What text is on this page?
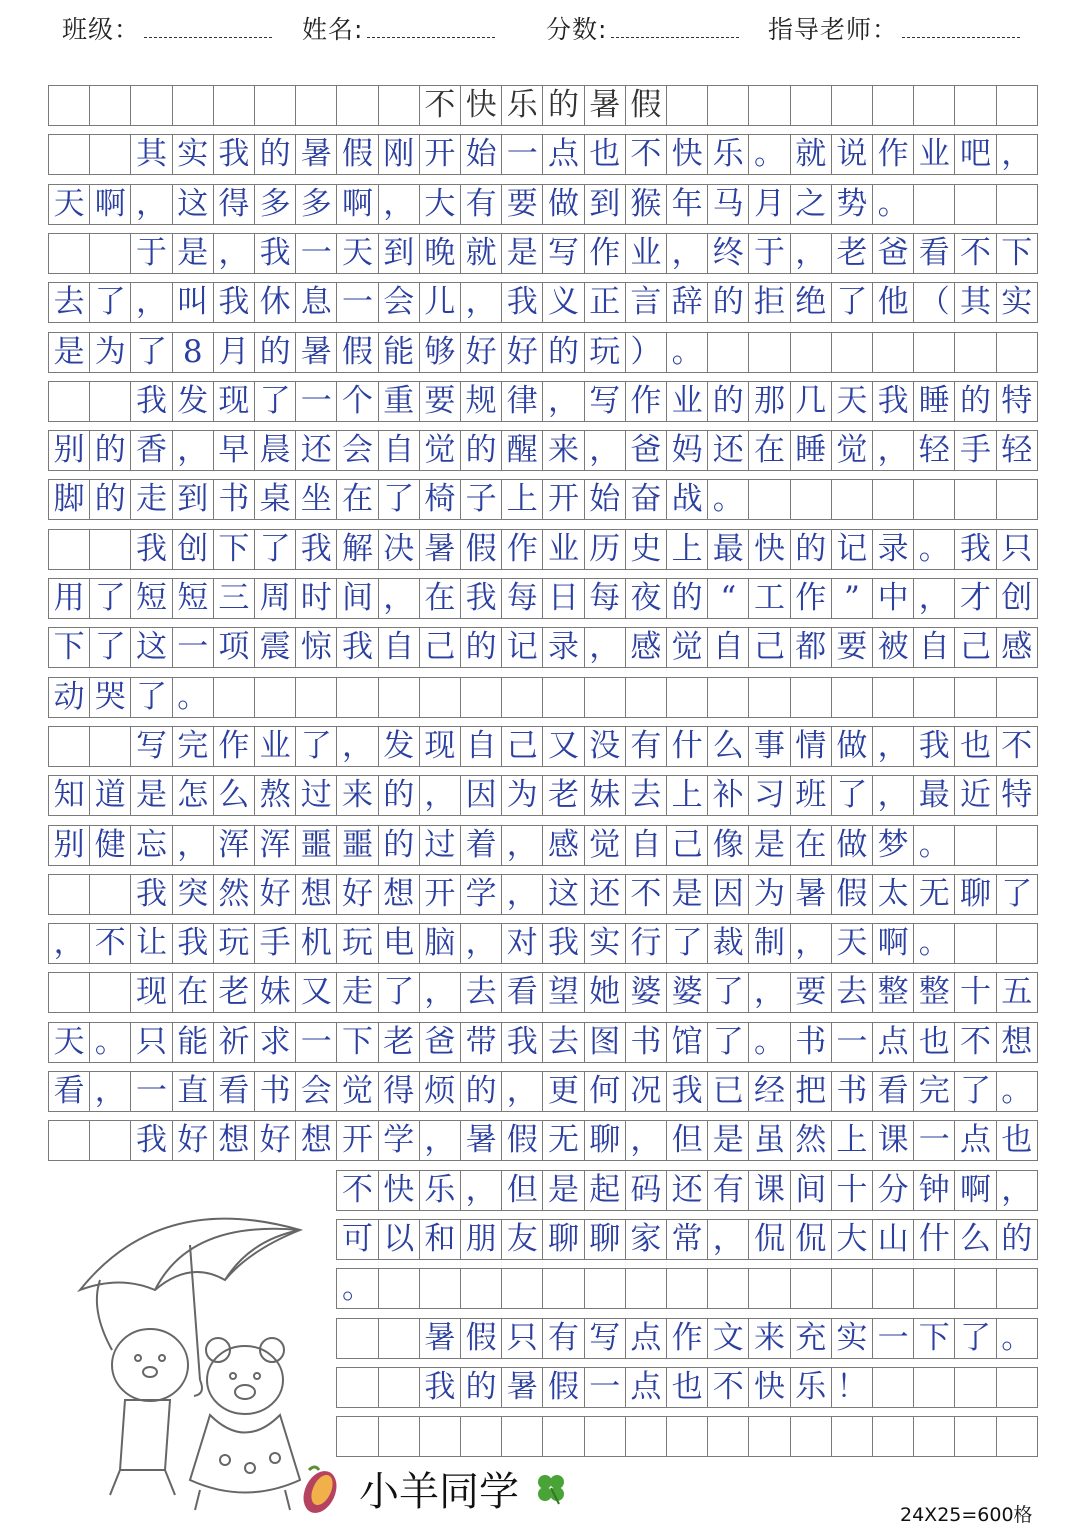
班级：	姓名:	分数:	指导老师：
不 快 乐 的 暑 假
其 实 我 的 暑 假 刚 开 始 一 点 也 不 快 乐 。 就 说 作 业 吧 ，
天 啊 ， 这 得 多 多 啊 ， 大 有 要 做 到 猴 年 马 月 之 势 。
于 是 ， 我 一 天 到 晚 就 是 写 作 业 ， 终 于 ， 老 爸 看 不 下
去 了 ， 叫 我 休 息 一 会 儿 ， 我 义 正 言 辞 的 拒 绝 了 他 （ 其 实
是 为 了 8 月 的 暑 假 能 够 好 好 的 玩 ） 。
我 发 现 了 一 个 重 要 规 律 ， 写 作 业 的 那 几 天 我 睡 的 特
别 的 香 ， 早 晨 还 会 自 觉 的 醒 来 ， 爸 妈 还 在 睡 觉 ， 轻 手 轻
脚 的 走 到 书 桌 坐 在 了 椅 子 上 开 始 奋 战 。
我 创 下 了 我 解 决 暑 假 作 业 历 史 上 最 快 的 记 录 。 我 只
用 了 短 短 三 周 时 间 ， 在 我 每 日 每 夜 的 “ 工 作 ” 中 ， 才 创
下 了 这 一 项 震 惊 我 自 己 的 记 录 ， 感 觉 自 己 都 要 被 自 己 感
动 哭 了 。
写 完 作 业 了 ， 发 现 自 己 又 没 有 什 么 事 情 做 ， 我 也 不
知 道 是 怎 么 熬 过 来 的 ， 因 为 老 妹 去 上 补 习 班 了 ， 最 近 特
别 健 忘 ， 浑 浑 噩 噩 的 过 着 ， 感 觉 自 己 像 是 在 做 梦 。
我 突 然 好 想 好 想 开 学 ， 这 还 不 是 因 为 暑 假 太 无 聊 了
， 不 让 我 玩 手 机 玩 电 脑 ， 对 我 实 行 了 裁 制 ， 天 啊 。
现 在 老 妹 又 走 了 ， 去 看 望 她 婆 婆 了 ， 要 去 整 整 十 五
天 。 只 能 祈 求 一 下 老 爸 带 我 去 图 书 馆 了 。 书 一 点 也 不 想
看 ， 一 直 看 书 会 觉 得 烦 的 ， 更 何 况 我 已 经 把 书 看 完 了 。
我 好 想 好 想 开 学 ， 暑 假 无 聊 ， 但 是 虽 然 上 课 一 点 也
不 快 乐 ， 但 是 起 码 还 有 课 间 十 分 钟 啊 ，
可 以 和 朋 友 聊 聊 家 常 ， 侃 侃 大 山 什 么 的
。
暑 假 只 有 写 点 作 文 来 充 实 一 下 了 。
我 的 暑 假 一 点 也 不 快 乐 ！
小羊同学
24X25=600格
